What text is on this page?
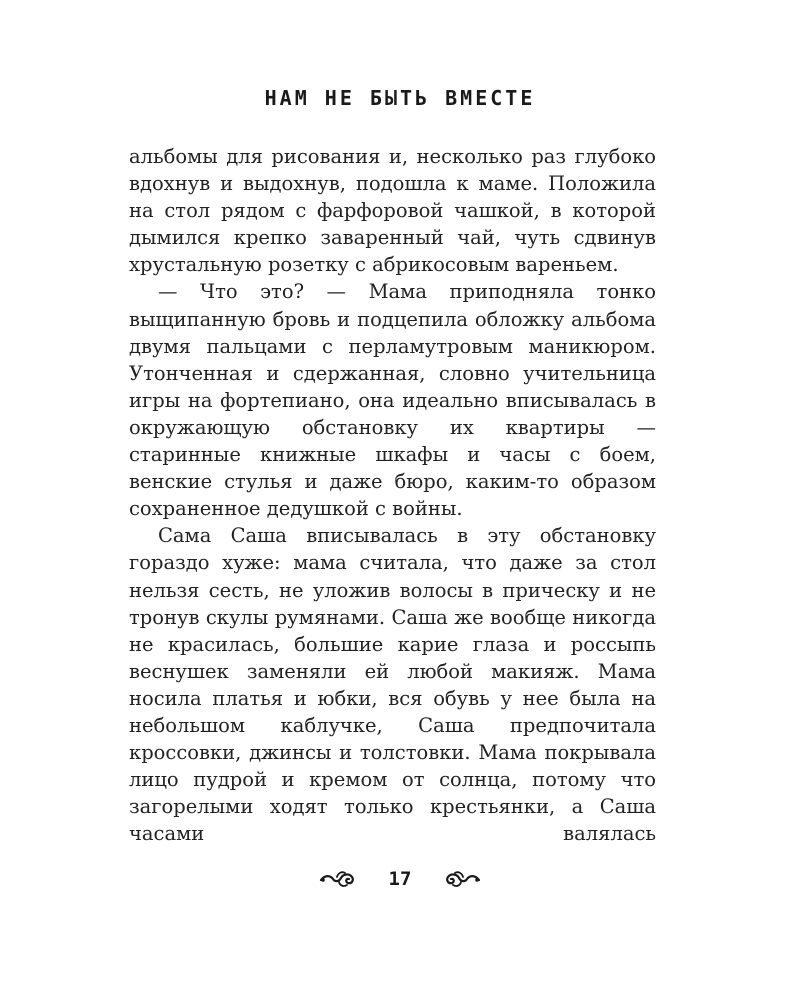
НАМ НЕ БЫТЬ ВМЕСТЕ

альбомы для рисования и, несколько раз глубоко вдохнув и выдохнув, подошла к маме. Положила на стол рядом с фарфоровой чашкой, в которой дымился крепко заваренный чай, чуть сдвинув хрустальную розетку с абрикосовым вареньем.

— Что это? — Мама приподняла тонко выщипанную бровь и подцепила обложку альбома двумя пальцами с перламутровым маникюром. Утонченная и сдержанная, словно учительница игры на фортепиано, она идеально вписывалась в окружающую обстановку их квартиры — старинные книжные шкафы и часы с боем, венские стулья и даже бюро, каким-то образом сохраненное дедушкой с войны.

Сама Саша вписывалась в эту обстановку гораздо хуже: мама считала, что даже за стол нельзя сесть, не уложив волосы в прическу и не тронув скулы румянами. Саша же вообще никогда не красилась, большие карие глаза и россыпь веснушек заменяли ей любой макияж. Мама носила платья и юбки, вся обувь у нее была на небольшом каблучке, Саша предпочитала кроссовки, джинсы и толстовки. Мама покрывала лицо пудрой и кремом от солнца, потому что загорелыми ходят только крестьянки, а Саша часами валялась

17
